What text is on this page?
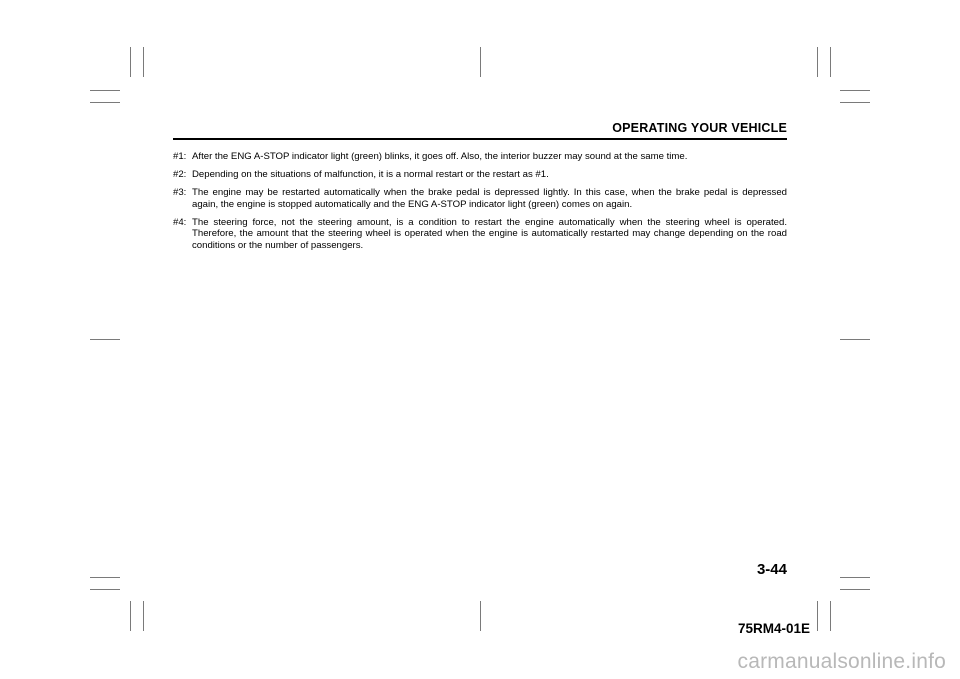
OPERATING YOUR VEHICLE
#1: After the ENG A-STOP indicator light (green) blinks, it goes off. Also, the interior buzzer may sound at the same time.
#2: Depending on the situations of malfunction, it is a normal restart or the restart as #1.
#3: The engine may be restarted automatically when the brake pedal is depressed lightly. In this case, when the brake pedal is depressed again, the engine is stopped automatically and the ENG A-STOP indicator light (green) comes on again.
#4: The steering force, not the steering amount, is a condition to restart the engine automatically when the steering wheel is operated. Therefore, the amount that the steering wheel is operated when the engine is automatically restarted may change depending on the road conditions or the number of passengers.
3-44
75RM4-01E
carmanualsonline.info
